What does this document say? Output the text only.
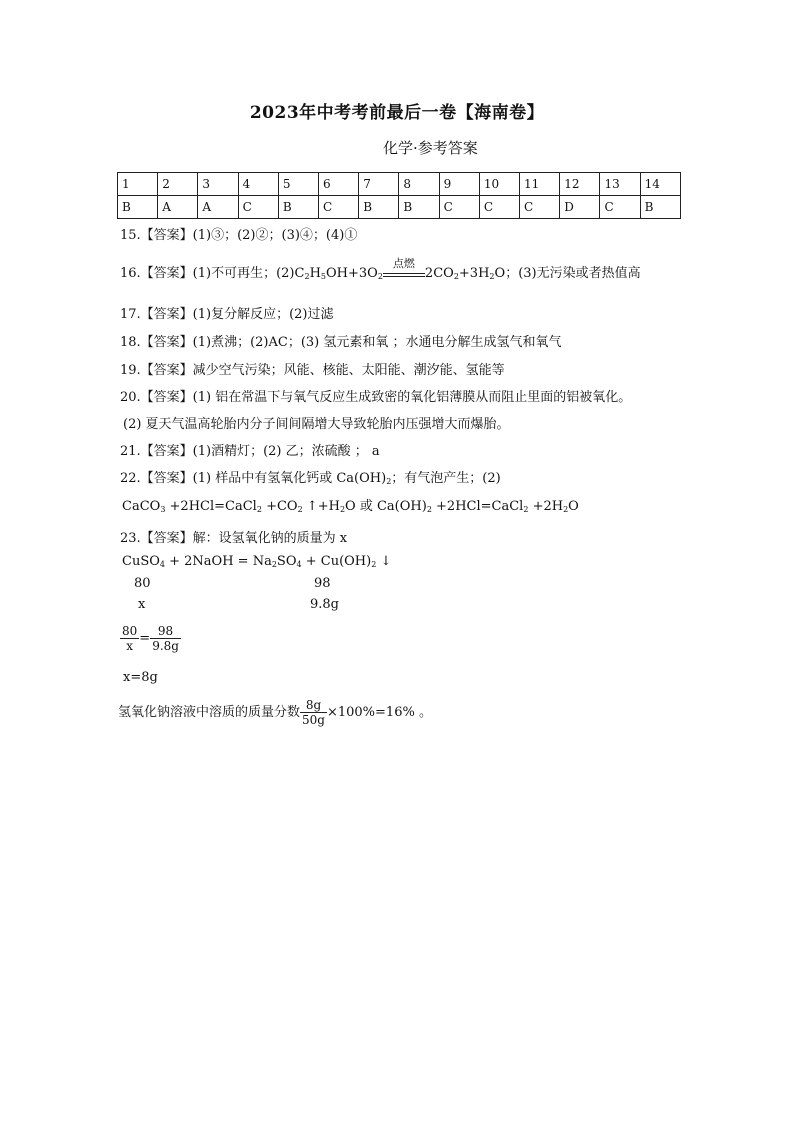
2023年中考考前最后一卷【海南卷】
化学·参考答案
1	2	3	4	5	6	7	8	9	10	11	12	13	14
B	A	A	C	B	C	B	B	C	C	C	D	C	B
15.【答案】(1)③；(2)②；(3)④；(4)①
16.【答案】(1)不可再生；$(2)C_2H_5OH+3O_2$
点燃
$2CO_2+3H_2O$；(3)无污染或者热值高
17.【答案】(1)复分解反应；(2)过滤
18.【答案】(1)煮沸；(2)AC；(3) 氢元素和氧 ；水通电分解生成氢气和氧气
19.【答案】减少空气污染；风能、核能、太阳能、潮汐能、氢能等
20.【答案】(1) 铝在常温下与氧气反应生成致密的氧化铝薄膜从而阻止里面的铝被氧化。
(2) 夏天气温高轮胎内分子间间隔增大导致轮胎内压强增大而爆胎。
21.【答案】(1)酒精灯；(2) 乙；浓硫酸 ； a
22.【答案】(1) 样品中有氢氧化钙或 $Ca(OH)_2$；有气泡产生；(2)
CaCO$_3$ +2HCl=CaCl$_2$ $+CO_2$ $↑+H_2O$ 或 $Ca(OH)_2$ +2HCl=CaCl$_2$ $+2H_2O$
23.【答案】解：设氢氧化钠的质量为 x
CuSO$_4$ + 2NaOH = $Na_2SO_4 + Cu(OH)_2$ ↓
80	98
x	9.8g
$\frac{80}{x} = \frac{98}{9.8g}$
x=8g
氢氧化钠溶液中溶质的质量分数 $\frac{8g}{50g} \times 100\%=16\%$ 。
